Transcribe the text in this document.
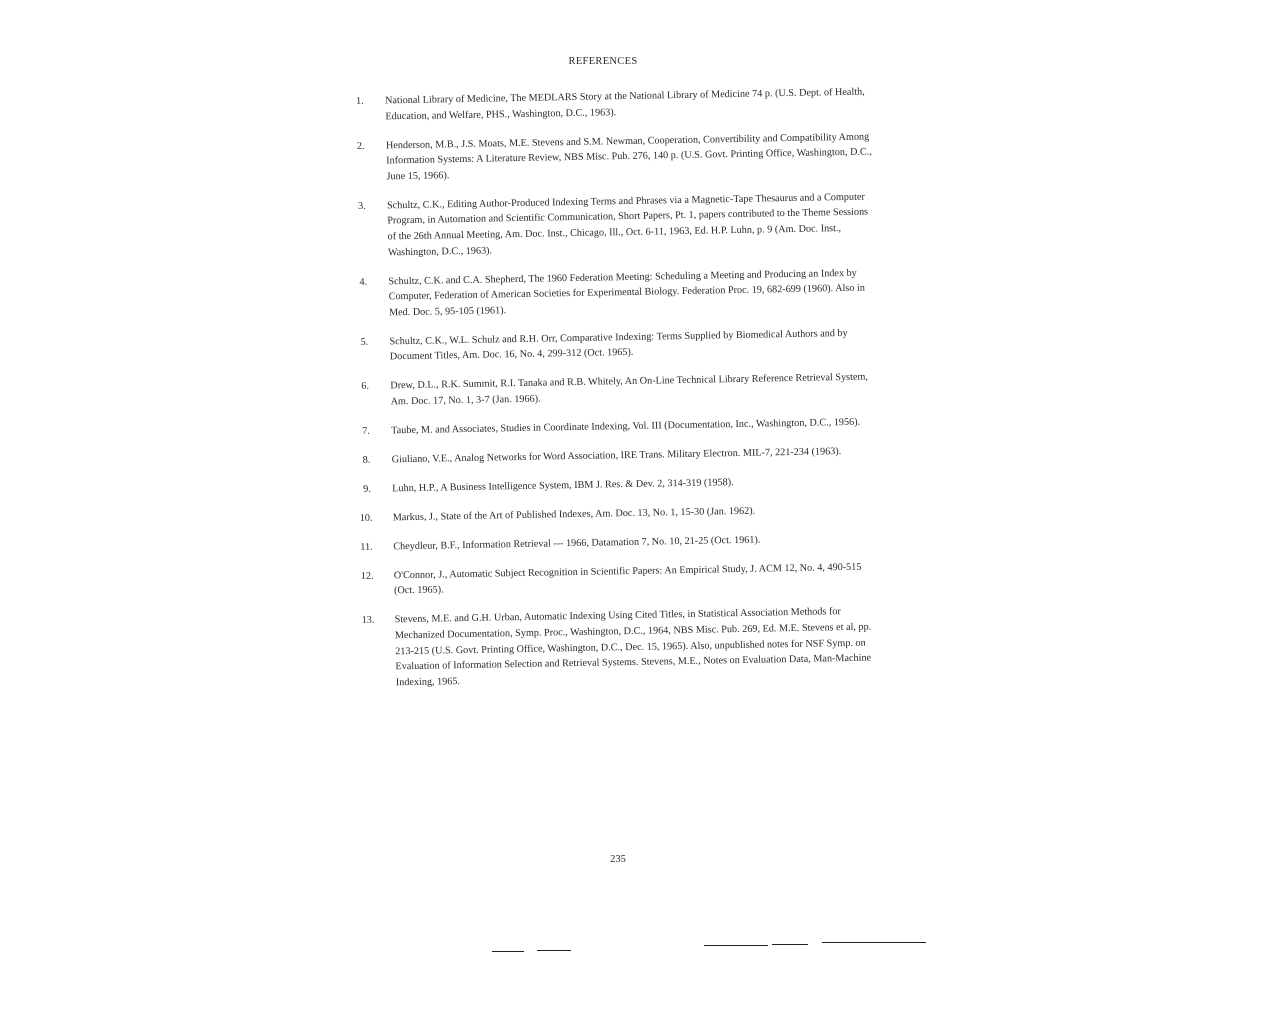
REFERENCES
1.	National Library of Medicine, The MEDLARS Story at the National Library of Medicine 74 p. (U.S. Dept. of Health, Education, and Welfare, PHS., Washington, D.C., 1963).
2.	Henderson, M.B., J.S. Moats, M.E. Stevens and S.M. Newman, Cooperation, Convertibility and Compatibility Among Information Systems: A Literature Review, NBS Misc. Pub. 276, 140 p. (U.S. Govt. Printing Office, Washington, D.C., June 15, 1966).
3.	Schultz, C.K., Editing Author-Produced Indexing Terms and Phrases via a Magnetic-Tape Thesaurus and a Computer Program, in Automation and Scientific Communication, Short Papers, Pt. 1, papers contributed to the Theme Sessions of the 26th Annual Meeting, Am. Doc. Inst., Chicago, Ill., Oct. 6-11, 1963, Ed. H.P. Luhn, p. 9 (Am. Doc. Inst., Washington, D.C., 1963).
4.	Schultz, C.K. and C.A. Shepherd, The 1960 Federation Meeting: Scheduling a Meeting and Producing an Index by Computer, Federation of American Societies for Experimental Biology. Federation Proc. 19, 682-699 (1960). Also in Med. Doc. 5, 95-105 (1961).
5.	Schultz, C.K., W.L. Schulz and R.H. Orr, Comparative Indexing: Terms Supplied by Biomedical Authors and by Document Titles, Am. Doc. 16, No. 4, 299-312 (Oct. 1965).
6.	Drew, D.L., R.K. Summit, R.I. Tanaka and R.B. Whitely, An On-Line Technical Library Reference Retrieval System, Am. Doc. 17, No. 1, 3-7 (Jan. 1966).
7.	Taube, M. and Associates, Studies in Coordinate Indexing, Vol. III (Documentation, Inc., Washington, D.C., 1956).
8.	Giuliano, V.E., Analog Networks for Word Association, IRE Trans. Military Electron. MIL-7, 221-234 (1963).
9.	Luhn, H.P., A Business Intelligence System, IBM J. Res. & Dev. 2, 314-319 (1958).
10.	Markus, J., State of the Art of Published Indexes, Am. Doc. 13, No. 1, 15-30 (Jan. 1962).
11.	Cheydleur, B.F., Information Retrieval --- 1966, Datamation 7, No. 10, 21-25 (Oct. 1961).
12.	O'Connor, J., Automatic Subject Recognition in Scientific Papers: An Empirical Study, J. ACM 12, No. 4, 490-515 (Oct. 1965).
13.	Stevens, M.E. and G.H. Urban, Automatic Indexing Using Cited Titles, in Statistical Association Methods for Mechanized Documentation, Symp. Proc., Washington, D.C., 1964, NBS Misc. Pub. 269, Ed. M.E. Stevens et al, pp. 213-215 (U.S. Govt. Printing Office, Washington, D.C., Dec. 15, 1965). Also, unpublished notes for NSF Symp. on Evaluation of Information Selection and Retrieval Systems. Stevens, M.E., Notes on Evaluation Data, Man-Machine Indexing, 1965.
235
